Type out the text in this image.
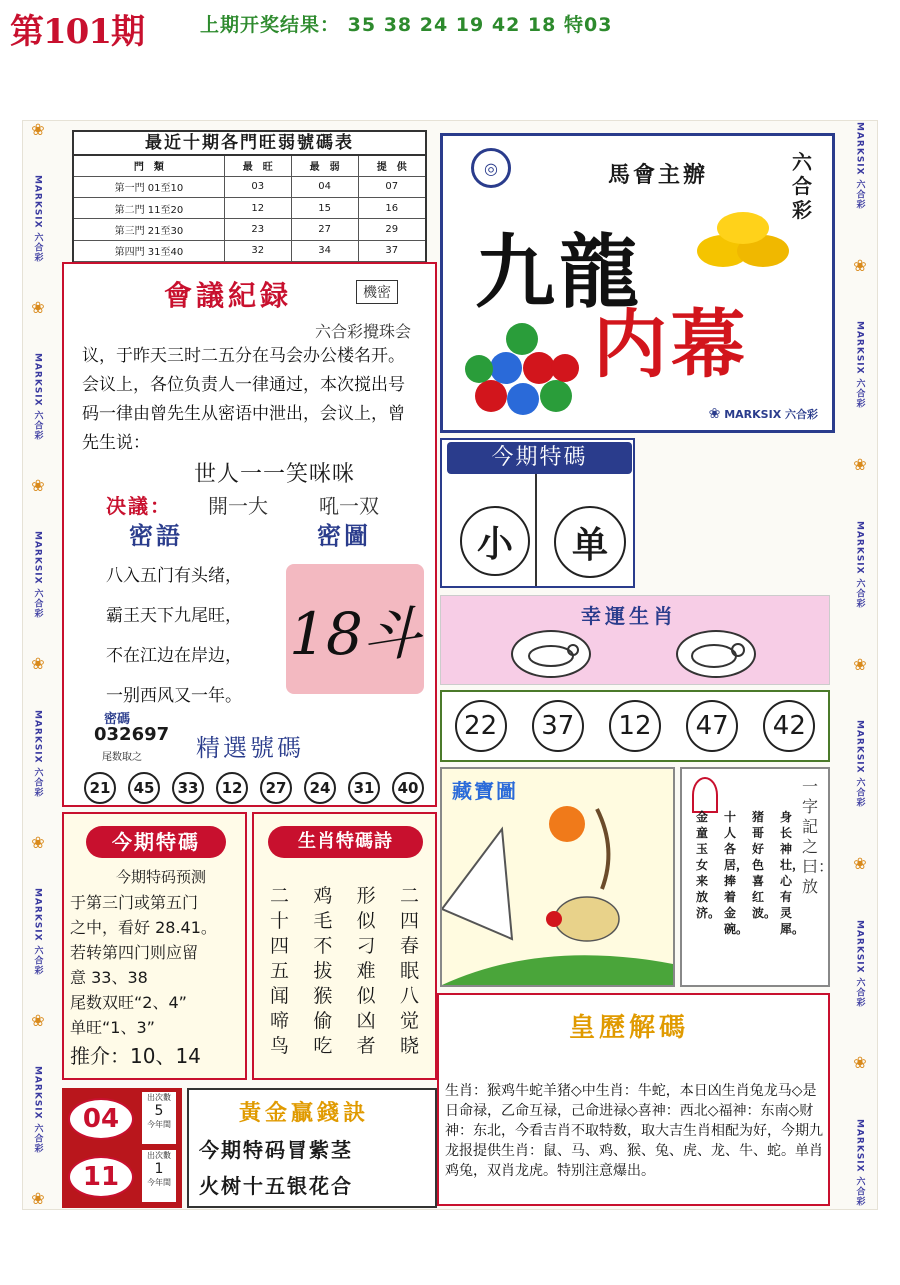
第101期	上期开奖结果： 35 38 24 19 42 18 特03
❀
MARKSIX 六合彩
❀
MARKSIX 六合彩
❀
MARKSIX 六合彩
❀
MARKSIX 六合彩
❀
MARKSIX 六合彩
❀
MARKSIX 六合彩
❀
MARKSIX 六合彩
❀
MARKSIX 六合彩
❀
MARKSIX 六合彩
❀
MARKSIX 六合彩
❀
MARKSIX 六合彩
❀
MARKSIX 六合彩
最近十期各門旺弱號碼表
門　類	最　旺	最　弱	提　供
第一門 01至10	03	04	07
第二門 11至20	12	15	16
第三門 21至30	23	27	29
第四門 31至40	32	34	37

會議紀録	機密
六合彩攪珠会
议，于昨天三时二五分在马会办公楼名开。会议上，各位负责人一律通过，本次搅出号码一律由曾先生从密语中泄出，会议上，曾先生说：
世人一一笑咪咪
决議： 開一大	吼一双
密語	密圖
八入五门有头绪，
霸王天下九尾旺，
不在江边在岸边，
一别西风又一年。
18斗
密碼
032697
尾数取之 精選號碼
21	45	33	12	27	24	31	40
◎	馬會主辦	六合彩
九龍
内幕
❀ MARKSIX 六合彩
今期特碼
小	单
幸運生肖
22	37	12	47	42
藏寶圖	一字記之曰：放
身长神壮，心有灵犀。
猪哥好色喜红波。
十人各居，捧着金碗。
金童玉女来放济。
皇歷解碼
生肖：猴鸡牛蛇羊猪◇中生肖：牛蛇，本日凶生肖兔龙马◇是日命禄，乙命互禄，己命进禄◇喜神：西北◇福神：东南◇财神：东北，今看吉肖不取特数，取大吉生肖相配为好，今期九龙报提供生肖：鼠、马、鸡、猴、兔、虎、龙、牛、蛇。单肖鸡兔，双肖龙虎。特别注意爆出。
今期特碼
今期特码预测
于第三门或第五门
之中，看好 28.41。
若转第四门则应留
意 33、38
尾数双旺“2、4”
单旺“1、3”
推介：10、14
生肖特碼詩
二十四五闻啼鸟
鸡毛不拔猴偷吃
形似刁难似凶者
二四春眠八觉晓
04
出次數
5
今年閏
11
出次數
1
今年閏
黃金贏錢訣
今期特码冒紫茎
火树十五银花合
